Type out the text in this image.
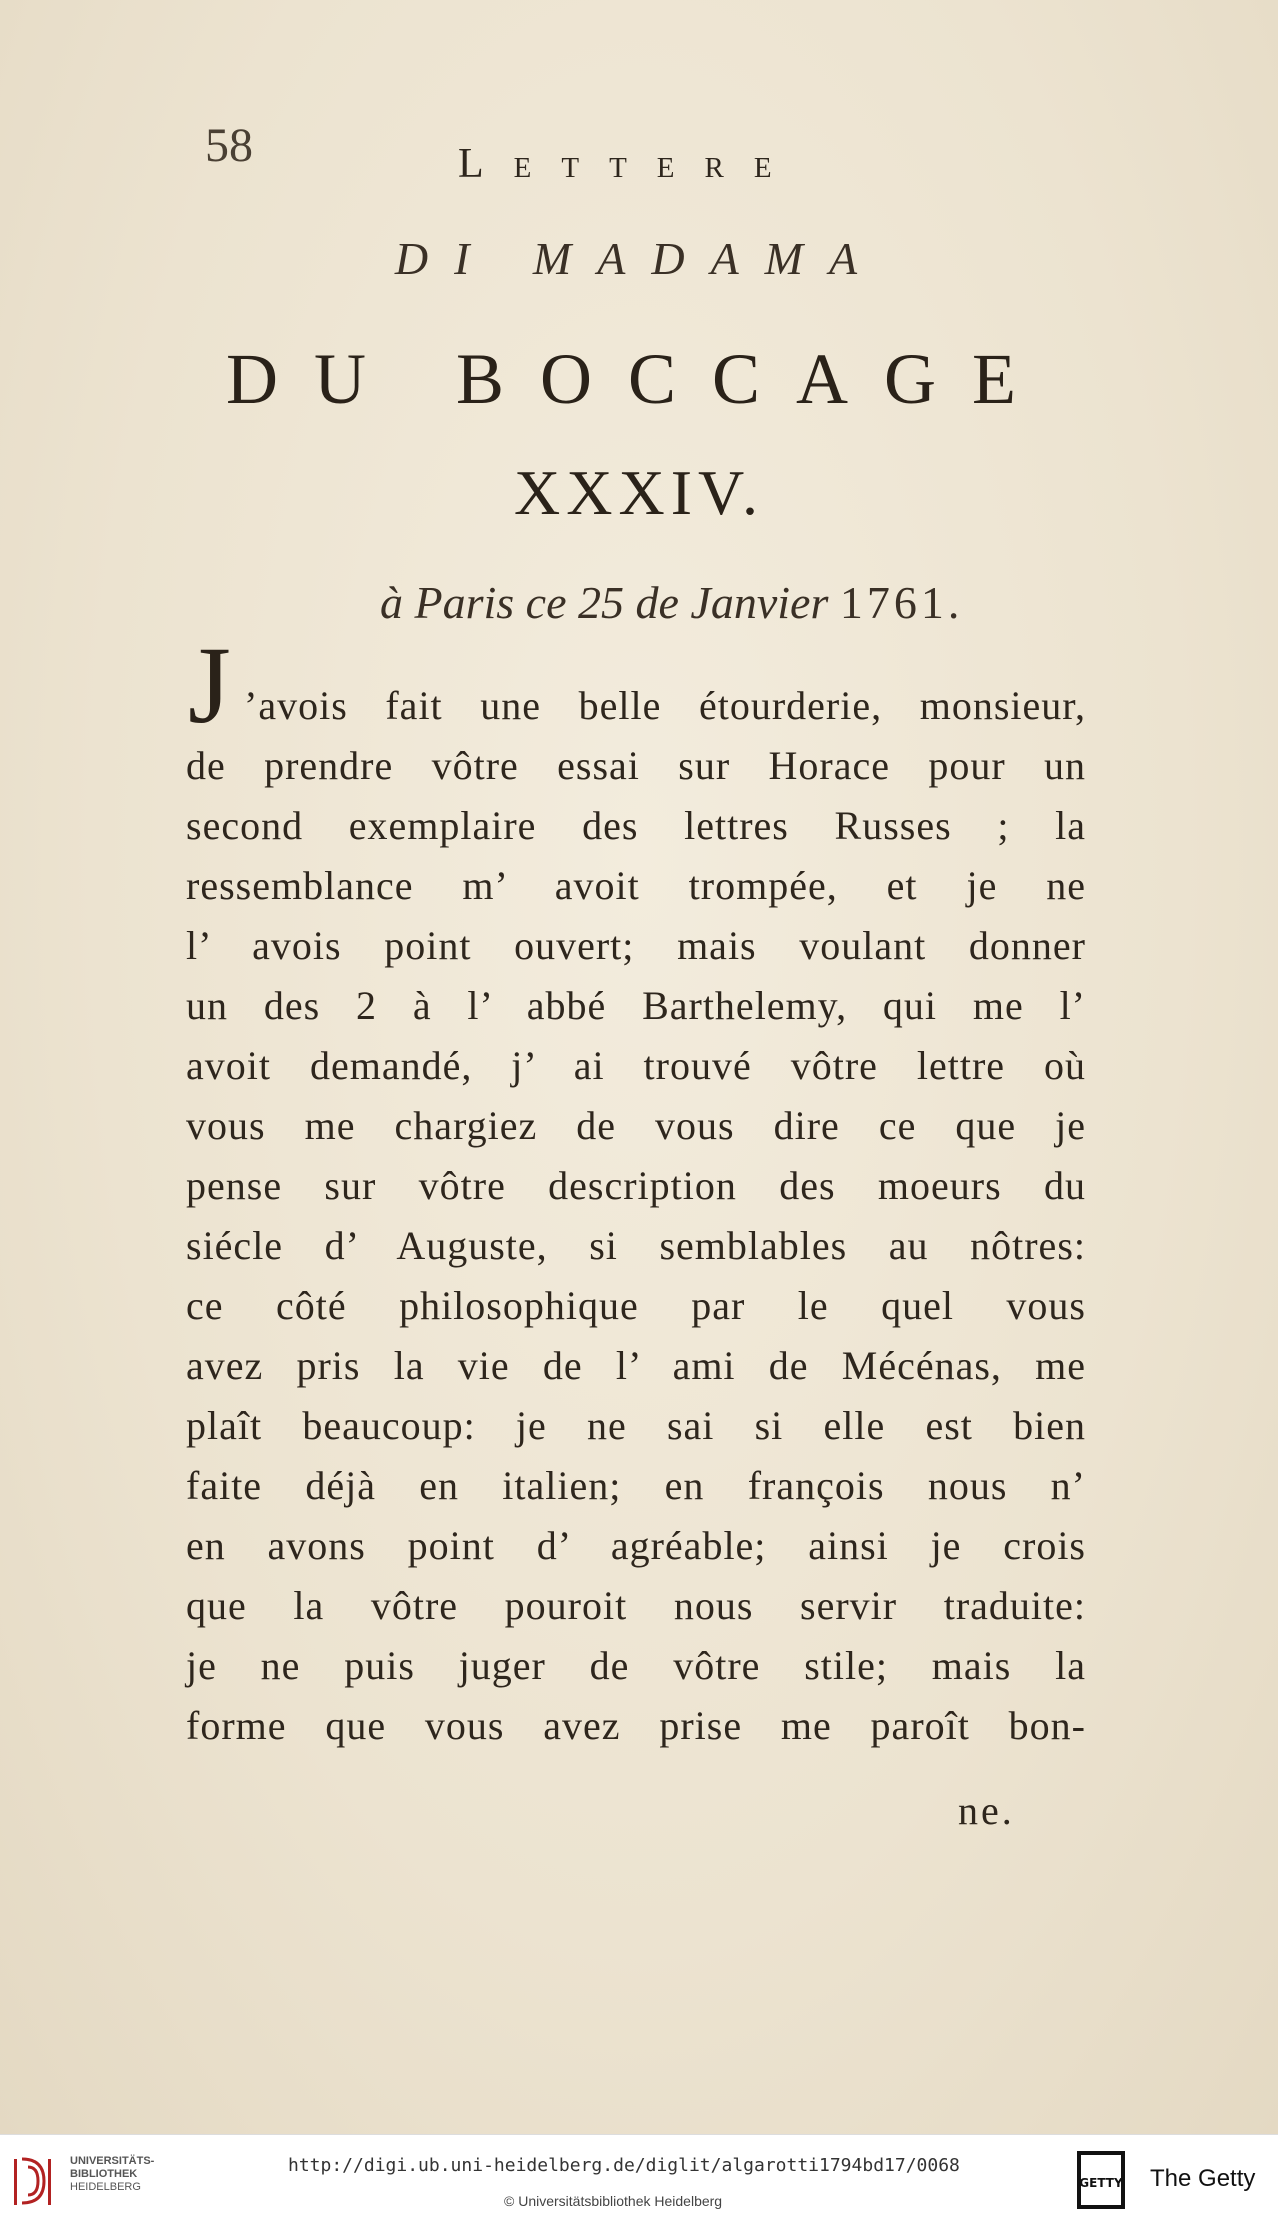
58	Lettere
DI MADAMA
DU BOCCAGE
XXXIV.
à Paris ce 25 de Janvier 1761.
J ’avois fait une belle étourderie, monsieur,
de prendre vôtre essai sur Horace pour un
second exemplaire des lettres Russes ; la
ressemblance m’ avoit trompée, et je ne
l’ avois point ouvert; mais voulant donner
un des 2 à l’ abbé Barthelemy, qui me l’
avoit demandé, j’ ai trouvé vôtre lettre où
vous me chargiez de vous dire ce que je
pense sur vôtre description des moeurs du
siécle d’ Auguste, si semblables au nôtres:
ce côté philosophique par le quel vous
avez pris la vie de l’ ami de Mécénas, me
plaît beaucoup: je ne sai si elle est bien
faite déjà en italien; en françois nous n’
en avons point d’ agréable; ainsi je crois
que la vôtre pouroit nous servir traduite:
je ne puis juger de vôtre stile; mais la
forme que vous avez prise me paroît bon-
ne.
UNIVERSITÄTS-
BIBLIOTHEK
HEIDELBERG
http://digi.ub.uni-heidelberg.de/diglit/algarotti1794bd17/0068
© Universitätsbibliothek Heidelberg
GETTY The Getty
